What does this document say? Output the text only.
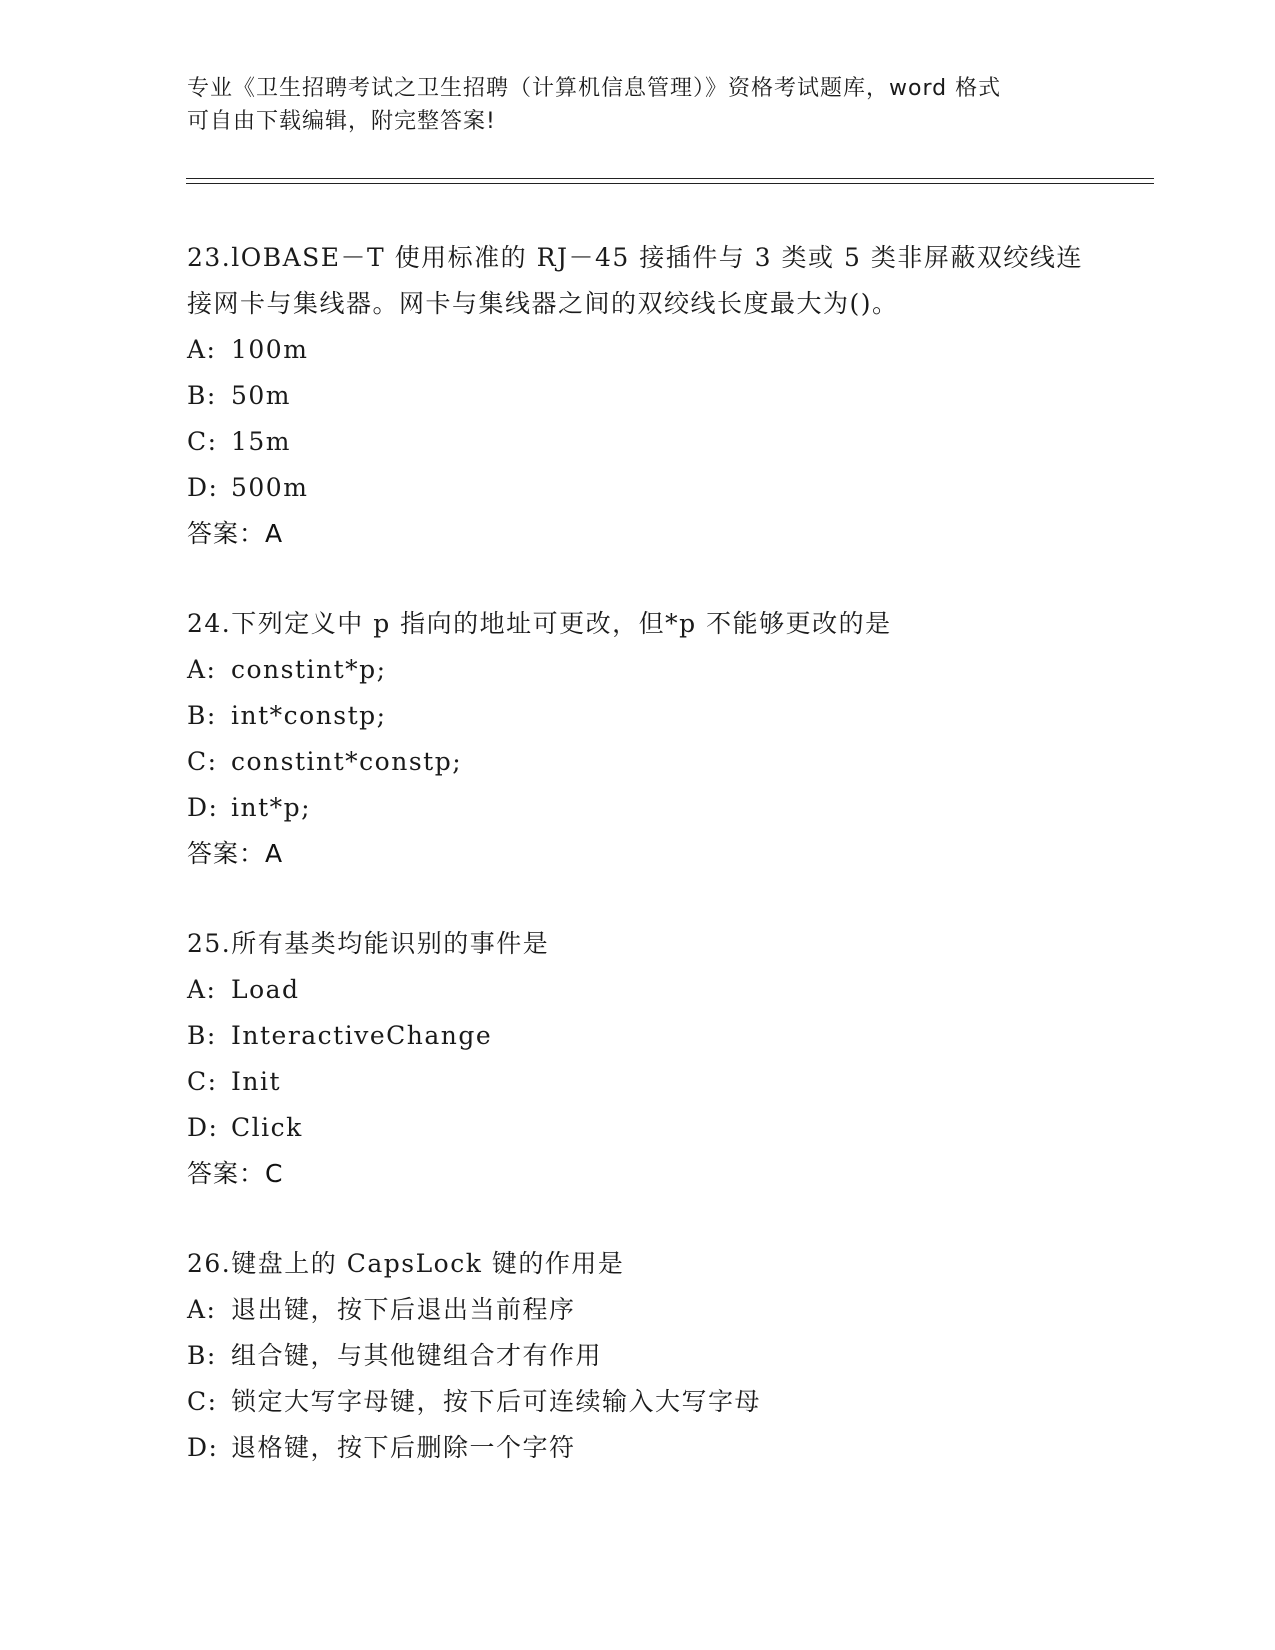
专业《卫生招聘考试之卫生招聘（计算机信息管理）》资格考试题库，word 格式
可自由下载编辑，附完整答案!

23.lOBASE－T 使用标准的 RJ－45 接插件与 3 类或 5 类非屏蔽双绞线连

接网卡与集线器。网卡与集线器之间的双绞线长度最大为()。

A: 100m

B: 50m

C: 15m

D: 500m

答案：A

24.下列定义中 p 指向的地址可更改，但*p 不能够更改的是

A: constint*p;

B: int*constp;

C: constint*constp;

D: int*p;

答案：A

25.所有基类均能识别的事件是

A: Load

B: InteractiveChange

C: Init

D: Click

答案：C

26.键盘上的 CapsLock 键的作用是

A: 退出键，按下后退出当前程序

B: 组合键，与其他键组合才有作用

C: 锁定大写字母键，按下后可连续输入大写字母

D: 退格键，按下后删除一个字符
